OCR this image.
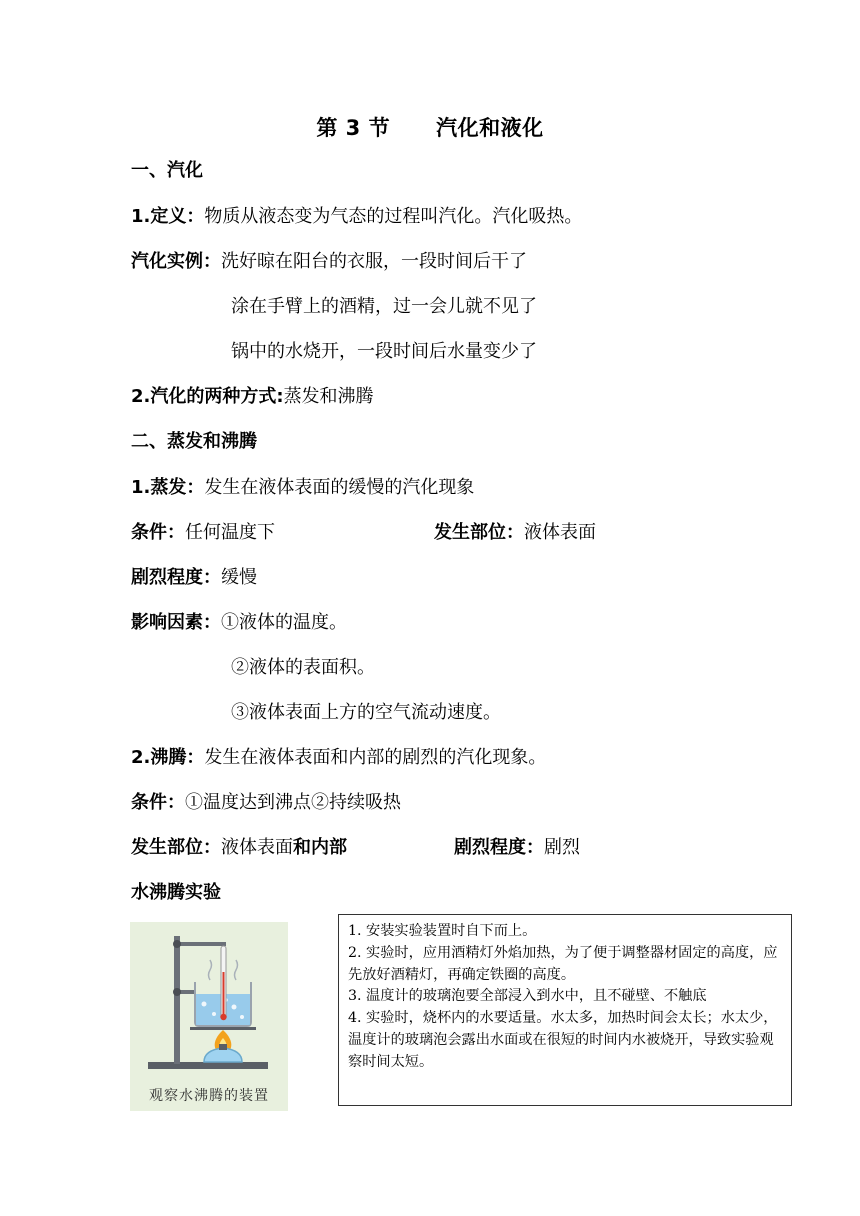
第 3 节 汽化和液化
一、汽化
1.定义：物质从液态变为气态的过程叫汽化。汽化吸热。
汽化实例：洗好晾在阳台的衣服，一段时间后干了
涂在手臂上的酒精，过一会儿就不见了
锅中的水烧开，一段时间后水量变少了
2.汽化的两种方式:蒸发和沸腾
二、蒸发和沸腾
1.蒸发：发生在液体表面的缓慢的汽化现象
条件：任何温度下	发生部位：液体表面
剧烈程度：缓慢
影响因素：①液体的温度。
②液体的表面积。
③液体表面上方的空气流动速度。
2.沸腾：发生在液体表面和内部的剧烈的汽化现象。
条件：①温度达到沸点②持续吸热
发生部位：液体表面和内部	剧烈程度：剧烈
水沸腾实验
观察水沸腾的装置

1. 安装实验装置时自下而上。

2. 实验时，应用酒精灯外焰加热，为了便于调整器材固定的高度，应先放好酒精灯，再确定铁圈的高度。

3. 温度计的玻璃泡要全部浸入到水中，且不碰壁、不触底

4. 实验时，烧杯内的水要适量。水太多，加热时间会太长；水太少，温度计的玻璃泡会露出水面或在很短的时间内水被烧开，导致实验观察时间太短。
